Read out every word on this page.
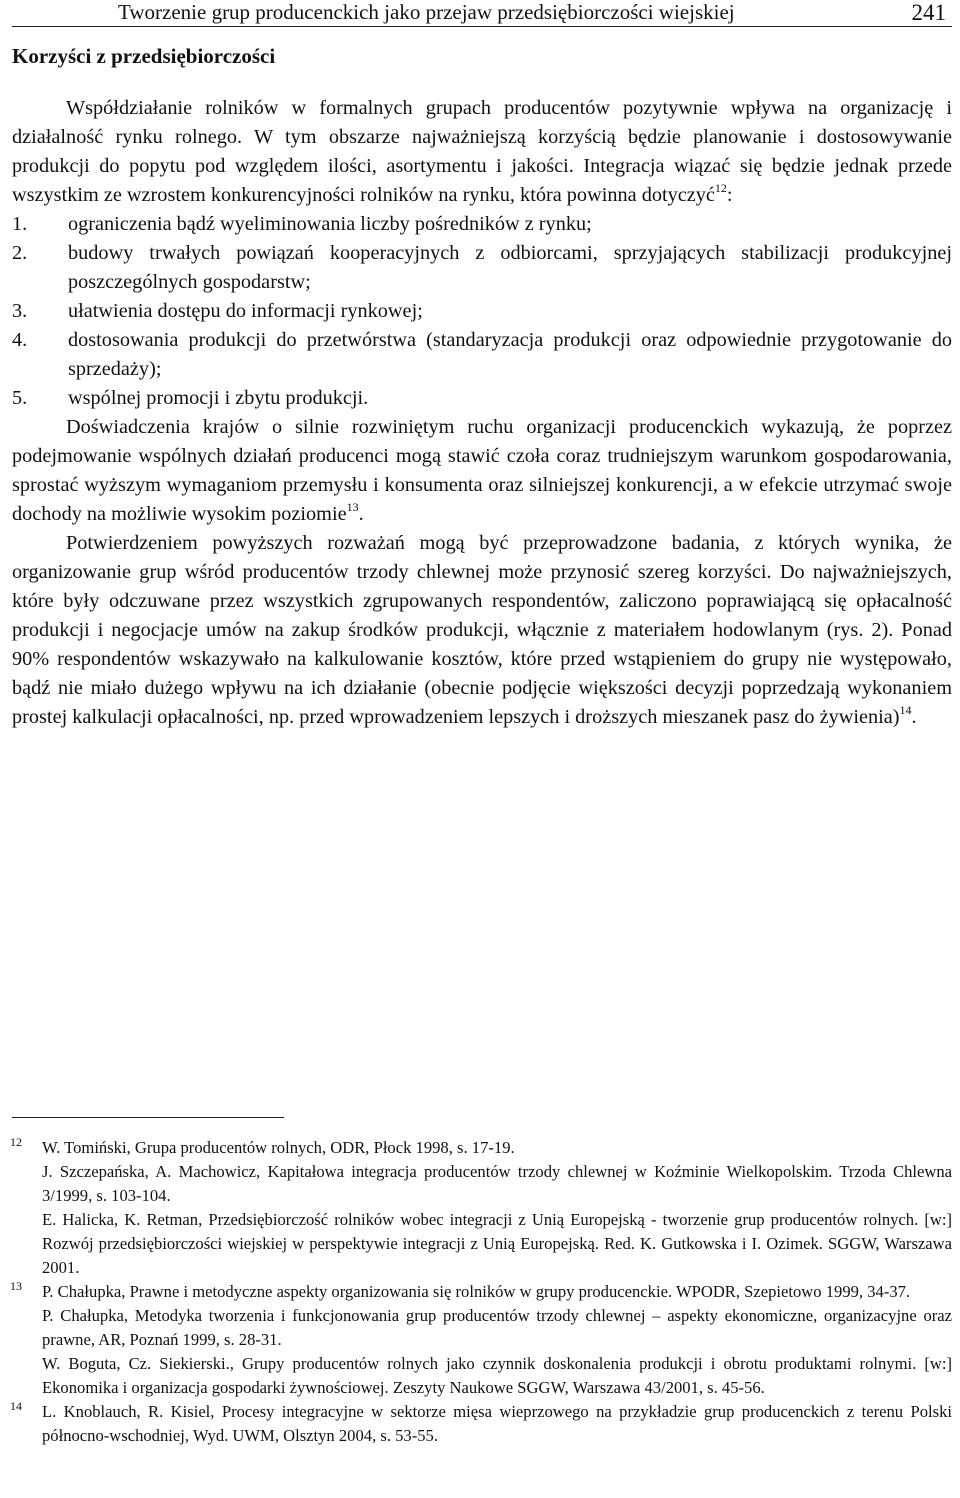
Tworzenie grup producenckich jako przejaw przedsiębiorczości wiejskiej	241
Korzyści z przedsiębiorczości

Współdziałanie rolników w formalnych grupach producentów pozytywnie wpływa na organizację i działalność rynku rolnego. W tym obszarze najważniejszą korzyścią będzie planowanie i dostosowywanie produkcji do popytu pod względem ilości, asortymentu i jakości. Integracja wiązać się będzie jednak przede wszystkim ze wzrostem konkurencyjności rolników na rynku, która powinna dotyczyć$^{12}$:

1. ograniczenia bądź wyeliminowania liczby pośredników z rynku;
2. budowy trwałych powiązań kooperacyjnych z odbiorcami, sprzyjających stabilizacji produkcyjnej poszczególnych gospodarstw;
3. ułatwienia dostępu do informacji rynkowej;
4. dostosowania produkcji do przetwórstwa (standaryzacja produkcji oraz odpowiednie przygotowanie do sprzedaży);
5. wspólnej promocji i zbytu produkcji.

Doświadczenia krajów o silnie rozwiniętym ruchu organizacji producenckich wykazują, że poprzez podejmowanie wspólnych działań producenci mogą stawić czoła coraz trudniejszym warunkom gospodarowania, sprostać wyższym wymaganiom przemysłu i konsumenta oraz silniejszej konkurencji, a w efekcie utrzymać swoje dochody na możliwie wysokim poziomie$^{13}$.

Potwierdzeniem powyższych rozważań mogą być przeprowadzone badania, z których wynika, że organizowanie grup wśród producentów trzody chlewnej może przynosić szereg korzyści. Do najważniejszych, które były odczuwane przez wszystkich zgrupowanych respondentów, zaliczono poprawiającą się opłacalność produkcji i negocjacje umów na zakup środków produkcji, włącznie z materiałem hodowlanym (rys. 2). Ponad 90% respondentów wskazywało na kalkulowanie kosztów, które przed wstąpieniem do grupy nie występowało, bądź nie miało dużego wpływu na ich działanie (obecnie podjęcie większości decyzji poprzedzają wykonaniem prostej kalkulacji opłacalności, np. przed wprowadzeniem lepszych i droższych mieszanek pasz do żywienia)$^{14}$.

12 W. Tomiński, Grupa producentów rolnych, ODR, Płock 1998, s. 17-19.
J. Szczepańska, A. Machowicz, Kapitałowa integracja producentów trzody chlewnej w Koźminie Wielkopolskim. Trzoda Chlewna 3/1999, s. 103-104.
E. Halicka, K. Retman, Przedsiębiorczość rolników wobec integracji z Unią Europejską - tworzenie grup producentów rolnych. [w:] Rozwój przedsiębiorczości wiejskiej w perspektywie integracji z Unią Europejską. Red. K. Gutkowska i I. Ozimek. SGGW, Warszawa 2001.
13 P. Chałupka, Prawne i metodyczne aspekty organizowania się rolników w grupy producenckie. WPODR, Szepietowo 1999, 34-37.
P. Chałupka, Metodyka tworzenia i funkcjonowania grup producentów trzody chlewnej – aspekty ekonomiczne, organizacyjne oraz prawne, AR, Poznań 1999, s. 28-31.
W. Boguta, Cz. Siekierski., Grupy producentów rolnych jako czynnik doskonalenia produkcji i obrotu produktami rolnymi. [w:] Ekonomika i organizacja gospodarki żywnościowej. Zeszyty Naukowe SGGW, Warszawa 43/2001, s. 45-56.
14 L. Knoblauch, R. Kisiel, Procesy integracyjne w sektorze mięsa wieprzowego na przykładzie grup producenckich z terenu Polski północno-wschodniej, Wyd. UWM, Olsztyn 2004, s. 53-55.
